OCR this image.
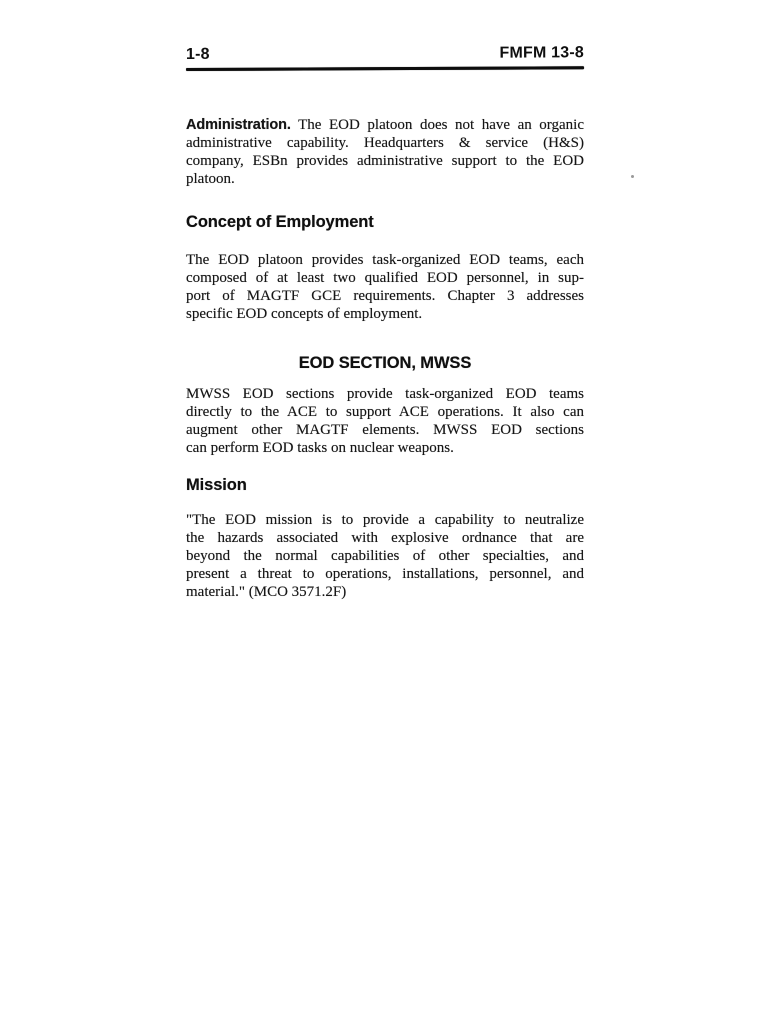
1-8	FMFM 13-8
Administration. The EOD platoon does not have an organic
administrative capability. Headquarters & service (H&S)
company, ESBn provides administrative support to the EOD
platoon.
Concept of Employment
The EOD platoon provides task-organized EOD teams, each
composed of at least two qualified EOD personnel, in sup-
port of MAGTF GCE requirements. Chapter 3 addresses
specific EOD concepts of employment.
EOD SECTION, MWSS
MWSS EOD sections provide task-organized EOD teams
directly to the ACE to support ACE operations. It also can
augment other MAGTF elements. MWSS EOD sections
can perform EOD tasks on nuclear weapons.
Mission
"The EOD mission is to provide a capability to neutralize
the hazards associated with explosive ordnance that are
beyond the normal capabilities of other specialties, and
present a threat to operations, installations, personnel, and
material." (MCO 3571.2F)
